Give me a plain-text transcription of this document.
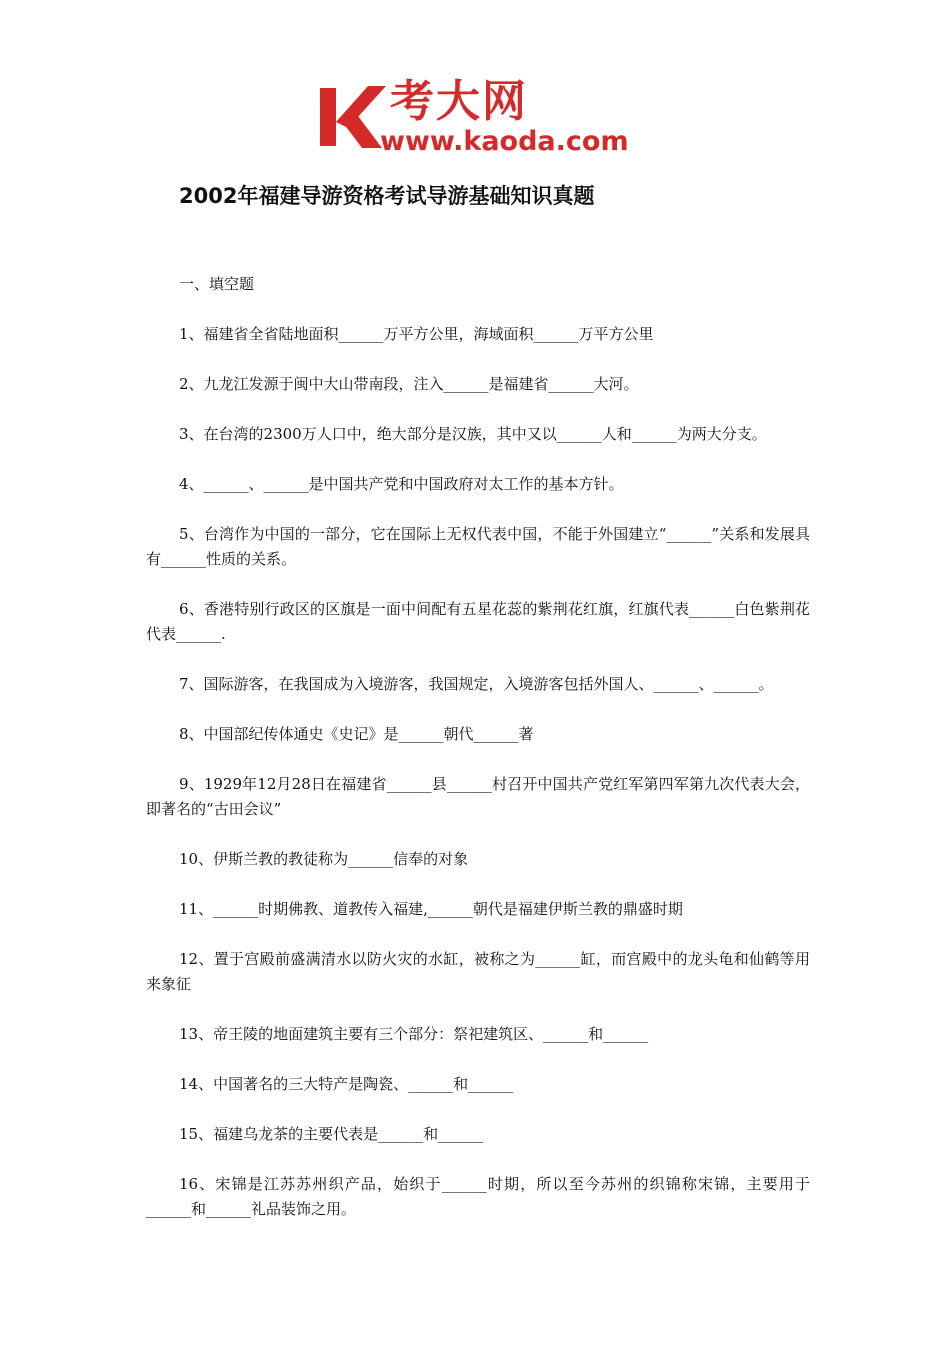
考大网
www.kaoda.com
2002年福建导游资格考试导游基础知识真题

一、填空题

1、福建省全省陆地面积______万平方公里，海域面积______万平方公里

2、九龙江发源于闽中大山带南段，注入______是福建省______大河。

3、在台湾的2300万人口中，绝大部分是汉族，其中又以______人和______为两大分支。

4、______、______是中国共产党和中国政府对太工作的基本方针。

5、台湾作为中国的一部分，它在国际上无权代表中国，不能于外国建立“______”关系和发展具有______性质的关系。

6、香港特别行政区的区旗是一面中间配有五星花蕊的紫荆花红旗，红旗代表______白色紫荆花代表______.

7、国际游客，在我国成为入境游客，我国规定，入境游客包括外国人、______、______。

8、中国部纪传体通史《史记》是______朝代______著

9、1929年12月28日在福建省______县______村召开中国共产党红军第四军第九次代表大会，即著名的“古田会议”

10、伊斯兰教的教徒称为______信奉的对象

11、______时期佛教、道教传入福建,______朝代是福建伊斯兰教的鼎盛时期

12、置于宫殿前盛满清水以防火灾的水缸，被称之为______缸，而宫殿中的龙头龟和仙鹤等用来象征

13、帝王陵的地面建筑主要有三个部分：祭祀建筑区、______和______

14、中国著名的三大特产是陶瓷、______和______

15、福建乌龙茶的主要代表是______和______

16、宋锦是江苏苏州织产品，始织于______时期，所以至今苏州的织锦称宋锦，主要用于______和______礼品装饰之用。
